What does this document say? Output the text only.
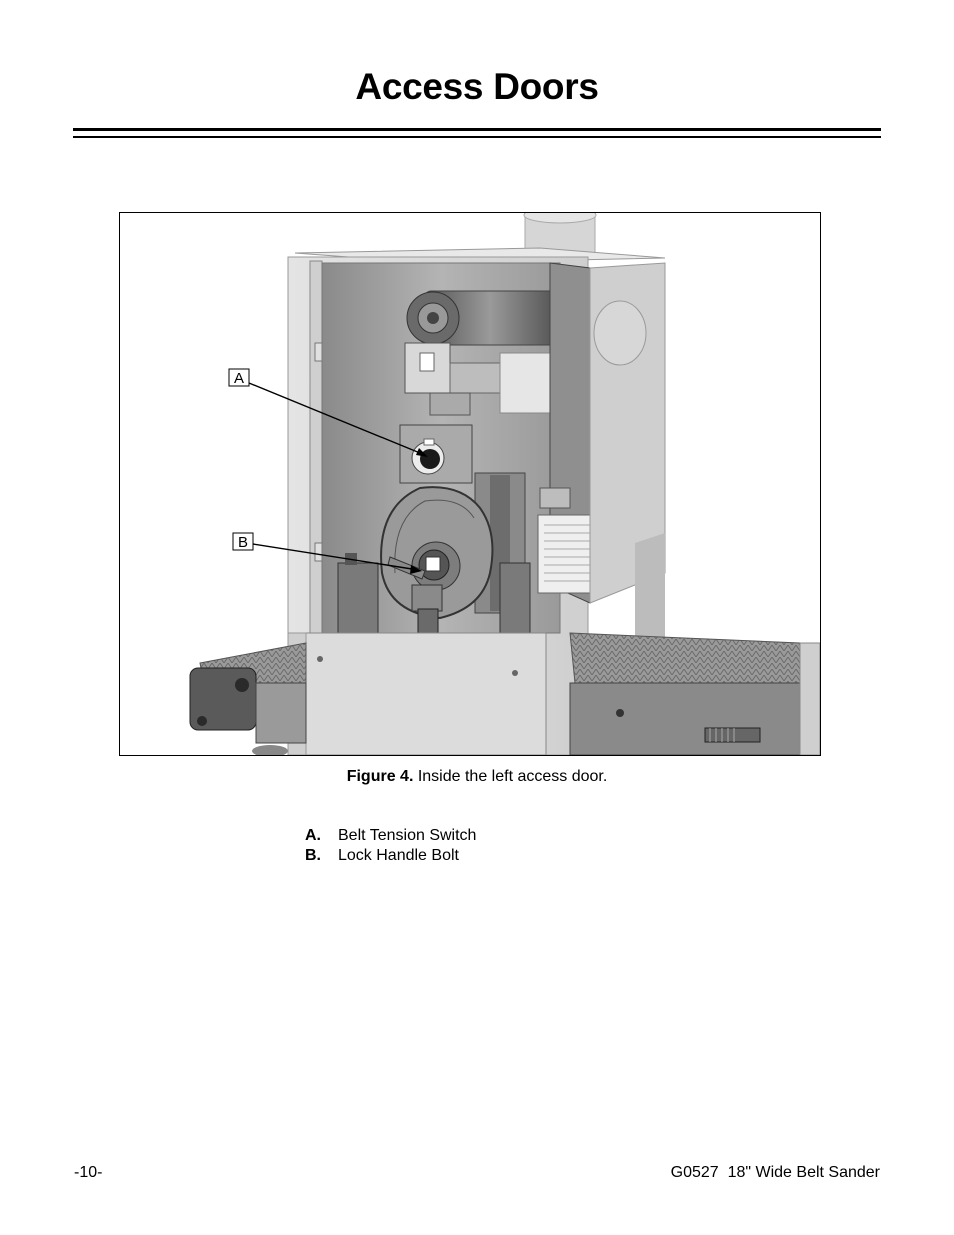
Access Doors
A
B
Figure 4. Inside the left access door.
A.	Belt Tension Switch
B.	Lock Handle Bolt
-10-	G0527  18" Wide Belt Sander
